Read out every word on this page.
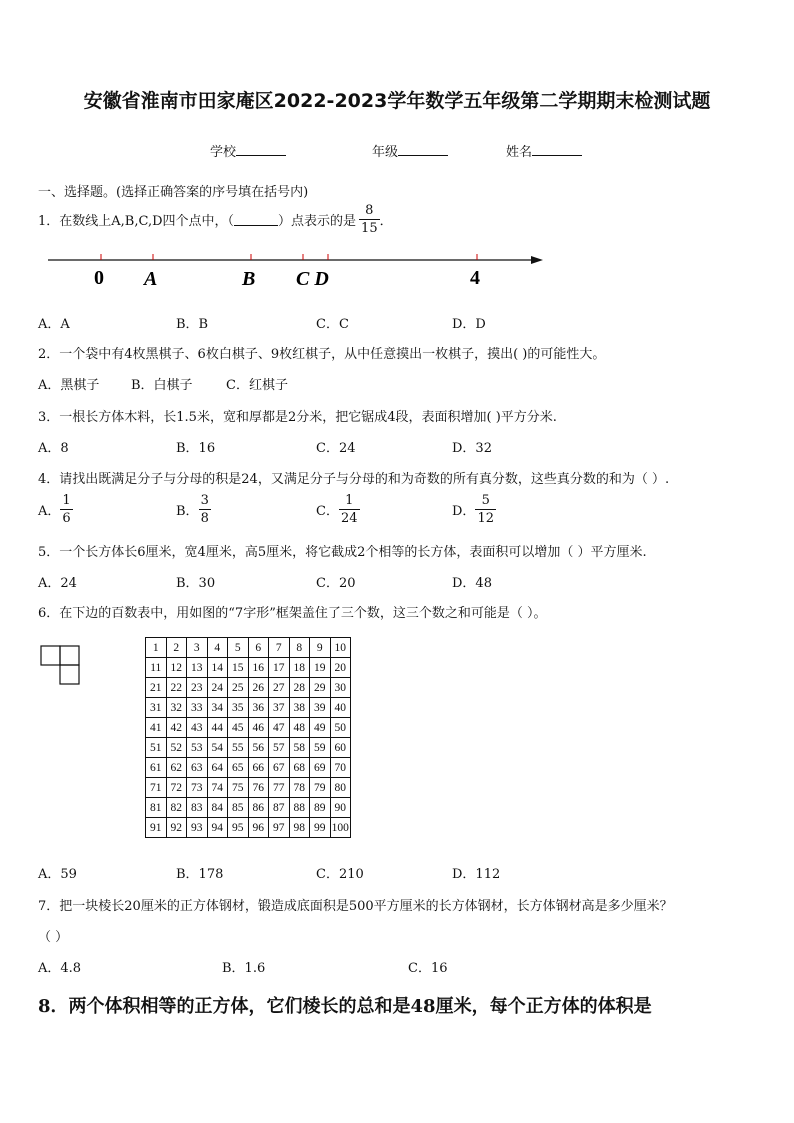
安徽省淮南市田家庵区2022-2023学年数学五年级第二学期期末检测试题
学校	年级	姓名
一、选择题。(选择正确答案的序号填在括号内)
1．在数线上A,B,C,D四个点中，（	）点表示的是 $\frac{8}{15}$ ．
0 A	B C D	4
A．A	B．B	C．C	D．D
2．一个袋中有4枚黑棋子、6枚白棋子、9枚红棋子，从中任意摸出一枚棋子，摸出( )的可能性大。
A．黑棋子 B．白棋子	C．红棋子
3．一根长方体木料，长1.5米，宽和厚都是2分米，把它锯成4段，表面积增加( )平方分米.
A．8	B．16	C．24	D．32
4．请找出既满足分子与分母的积是24，又满足分子与分母的和为奇数的所有真分数，这些真分数的和为（ ）.
A． $\frac{1}{6}$	B． $\frac{3}{8}$	C． $\frac{1}{24}$	D． $\frac{5}{12}$
5．一个长方体长6厘米，宽4厘米，高5厘米，将它截成2个相等的长方体，表面积可以增加（ ）平方厘米.
A．24	B．30	C．20	D．48
6．在下边的百数表中，用如图的“7字形”框架盖住了三个数，这三个数之和可能是（ ）。
1	2	3	4	5	6	7	8	9	10
11	12	13	14	15	16	17	18	19	20
21	22	23	24	25	26	27	28	29	30
31	32	33	34	35	36	37	38	39	40
41	42	43	44	45	46	47	48	49	50
51	52	53	54	55	56	57	58	59	60
61	62	63	64	65	66	67	68	69	70
71	72	73	74	75	76	77	78	79	80
81	82	83	84	85	86	87	88	89	90
91	92	93	94	95	96	97	98	99	100
A．59	B．178	C．210	D．112
7．把一块棱长20厘米的正方体钢材，锻造成底面积是500平方厘米的长方体钢材，长方体钢材高是多少厘米？
（ ）
A．4.8	B．1.6	C．16
8．两个体积相等的正方体，它们棱长的总和是48厘米，每个正方体的体积是
